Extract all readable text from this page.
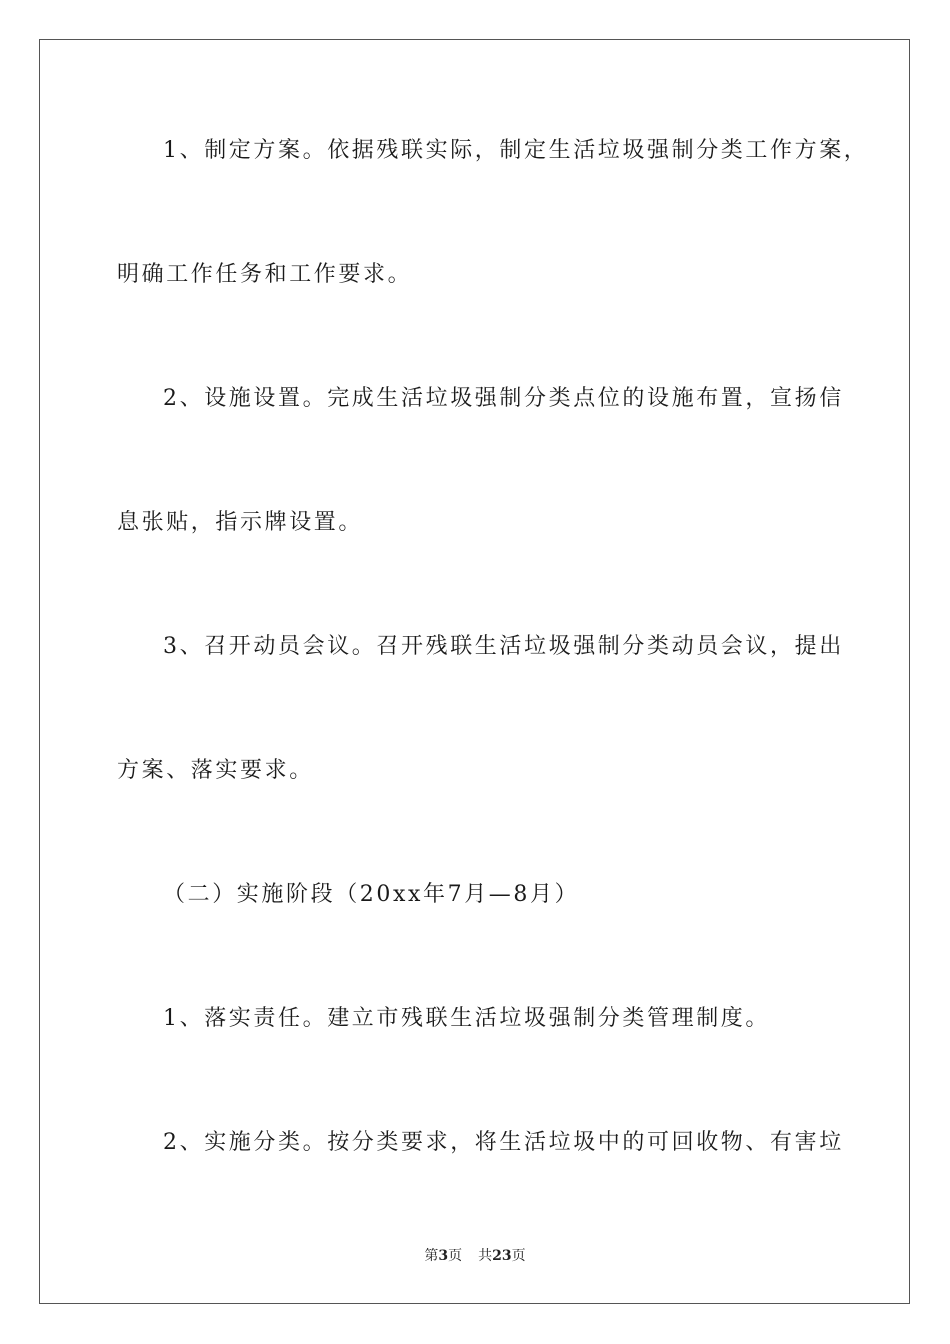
1、制定方案。依据残联实际，制定生活垃圾强制分类工作方案，
明确工作任务和工作要求。
2、设施设置。完成生活垃圾强制分类点位的设施布置，宣扬信
息张贴，指示牌设置。
3、召开动员会议。召开残联生活垃圾强制分类动员会议，提出
方案、落实要求。
（二）实施阶段（20xx年7月—8月）
1、落实责任。建立市残联生活垃圾强制分类管理制度。
2、实施分类。按分类要求，将生活垃圾中的可回收物、有害垃
第3页 共23页
